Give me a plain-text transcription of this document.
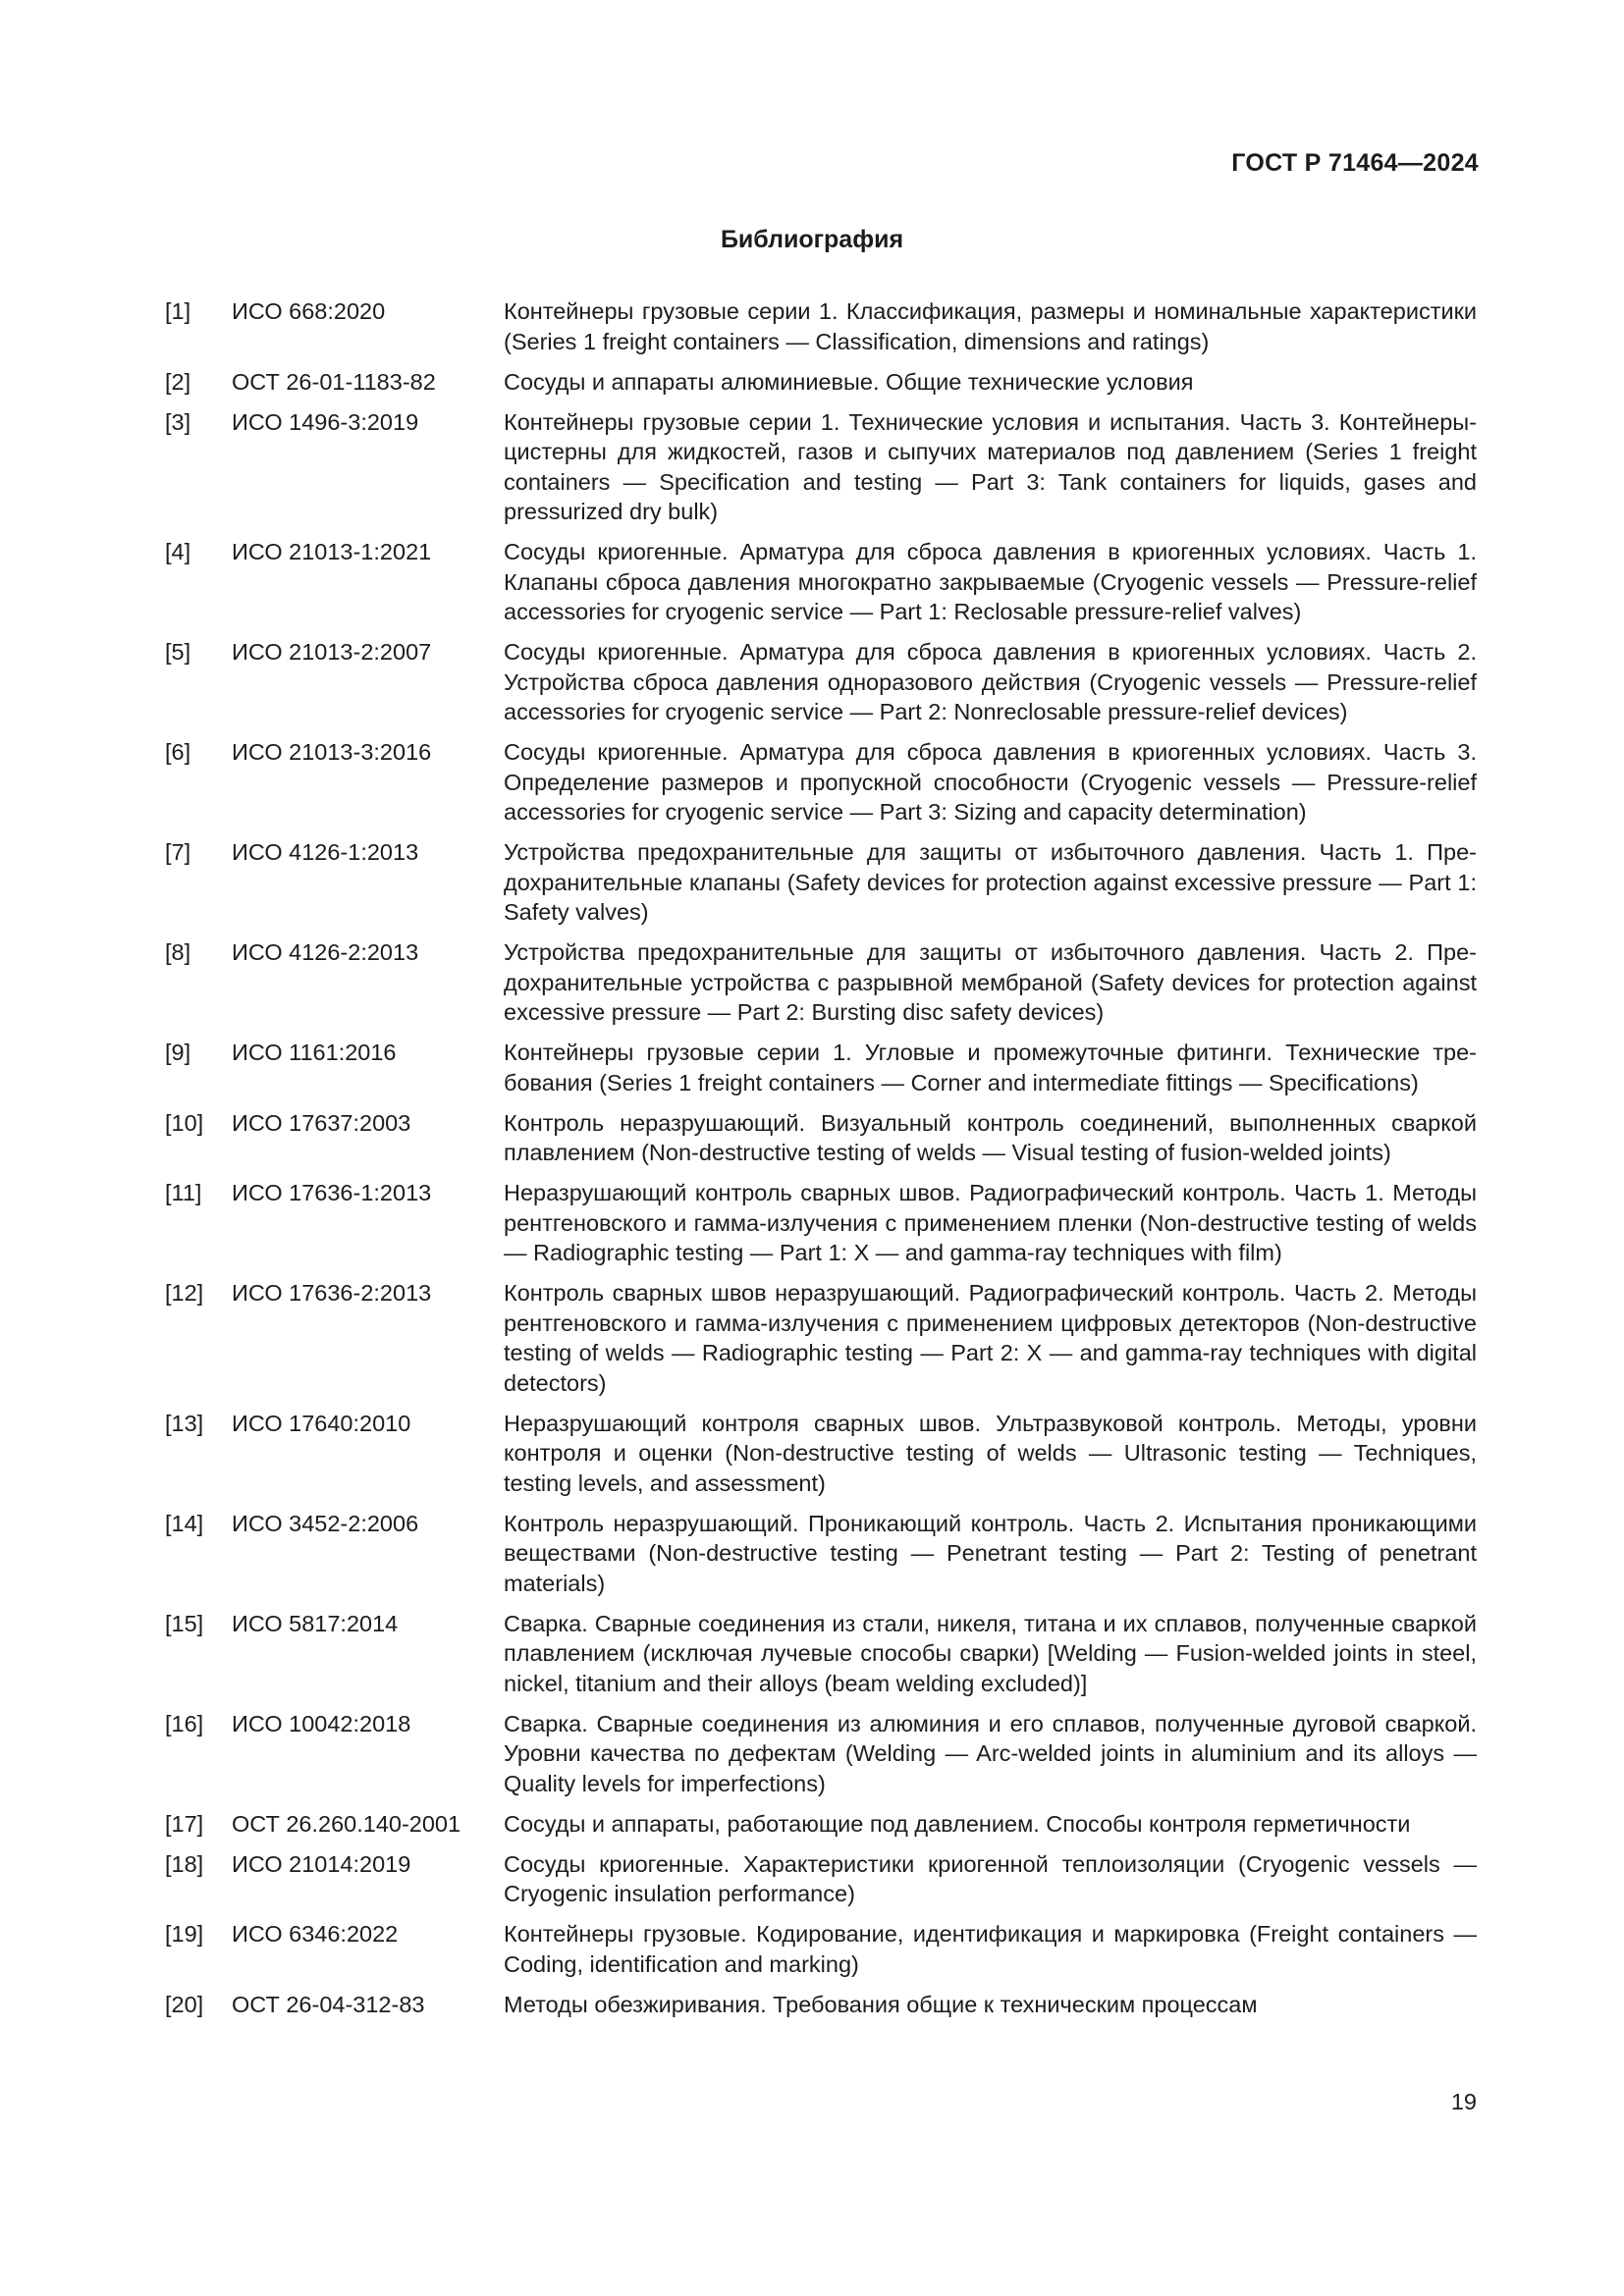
ГОСТ Р 71464—2024
Библиография
[1]	ИСО 668:2020	Контейнеры грузовые серии 1. Классификация, размеры и номинальные характеристики (Series 1 freight containers — Classification, dimensions and ratings)
[2]	ОСТ 26-01-1183-82	Сосуды и аппараты алюминиевые. Общие технические условия
[3]	ИСО 1496-3:2019	Контейнеры грузовые серии 1. Технические условия и испытания. Часть 3. Контейнеры-цистерны для жидкостей, газов и сыпучих материалов под давлением (Series 1 freight containers — Specification and testing — Part 3: Tank containers for liquids, gases and pressurized dry bulk)
[4]	ИСО 21013-1:2021	Сосуды криогенные. Арматура для сброса давления в криогенных условиях. Часть 1. Клапаны сброса давления многократно закрываемые (Cryogenic vessels — Pressure-relief accessories for cryogenic service — Part 1: Reclosable pressure-relief valves)
[5]	ИСО 21013-2:2007	Сосуды криогенные. Арматура для сброса давления в криогенных условиях. Часть 2. Устройства сброса давления одноразового действия (Cryogenic vessels — Pressure-relief accessories for cryogenic service — Part 2: Nonreclosable pressure-relief devices)
[6]	ИСО 21013-3:2016	Сосуды криогенные. Арматура для сброса давления в криогенных условиях. Часть 3. Определение размеров и пропускной способности (Cryogenic vessels — Pressure-relief accessories for cryogenic service — Part 3: Sizing and capacity determination)
[7]	ИСО 4126-1:2013	Устройства предохранительные для защиты от избыточного давления. Часть 1. Предохранительные клапаны (Safety devices for protection against excessive pressure — Part 1: Safety valves)
[8]	ИСО 4126-2:2013	Устройства предохранительные для защиты от избыточного давления. Часть 2. Предохранительные устройства с разрывной мембраной (Safety devices for protection against excessive pressure — Part 2: Bursting disc safety devices)
[9]	ИСО 1161:2016	Контейнеры грузовые серии 1. Угловые и промежуточные фитинги. Технические требования (Series 1 freight containers — Corner and intermediate fittings — Specifications)
[10]	ИСО 17637:2003	Контроль неразрушающий. Визуальный контроль соединений, выполненных сваркой плавлением (Non-destructive testing of welds — Visual testing of fusion-welded joints)
[11]	ИСО 17636-1:2013	Неразрушающий контроль сварных швов. Радиографический контроль. Часть 1. Методы рентгеновского и гамма-излучения с применением пленки (Non-destructive testing of welds — Radiographic testing — Part 1: X — and gamma-ray techniques with film)
[12]	ИСО 17636-2:2013	Контроль сварных швов неразрушающий. Радиографический контроль. Часть 2. Методы рентгеновского и гамма-излучения с применением цифровых детекторов (Non-destructive testing of welds — Radiographic testing — Part 2: X — and gamma-ray techniques with digital detectors)
[13]	ИСО 17640:2010	Неразрушающий контроля сварных швов. Ультразвуковой контроль. Методы, уровни контроля и оценки (Non-destructive testing of welds — Ultrasonic testing — Techniques, testing levels, and assessment)
[14]	ИСО 3452-2:2006	Контроль неразрушающий. Проникающий контроль. Часть 2. Испытания проникающими веществами (Non-destructive testing — Penetrant testing — Part 2: Testing of penetrant materials)
[15]	ИСО 5817:2014	Сварка. Сварные соединения из стали, никеля, титана и их сплавов, полученные сваркой плавлением (исключая лучевые способы сварки) [Welding — Fusion-welded joints in steel, nickel, titanium and their alloys (beam welding excluded)]
[16]	ИСО 10042:2018	Сварка. Сварные соединения из алюминия и его сплавов, полученные дуговой сваркой. Уровни качества по дефектам (Welding — Arc-welded joints in aluminium and its alloys — Quality levels for imperfections)
[17]	ОСТ 26.260.140-2001	Сосуды и аппараты, работающие под давлением. Способы контроля герметичности
[18]	ИСО 21014:2019	Сосуды криогенные. Характеристики криогенной теплоизоляции (Cryogenic vessels — Cryogenic insulation performance)
[19]	ИСО 6346:2022	Контейнеры грузовые. Кодирование, идентификация и маркировка (Freight containers — Coding, identification and marking)
[20]	ОСТ 26-04-312-83	Методы обезжиривания. Требования общие к техническим процессам
19
